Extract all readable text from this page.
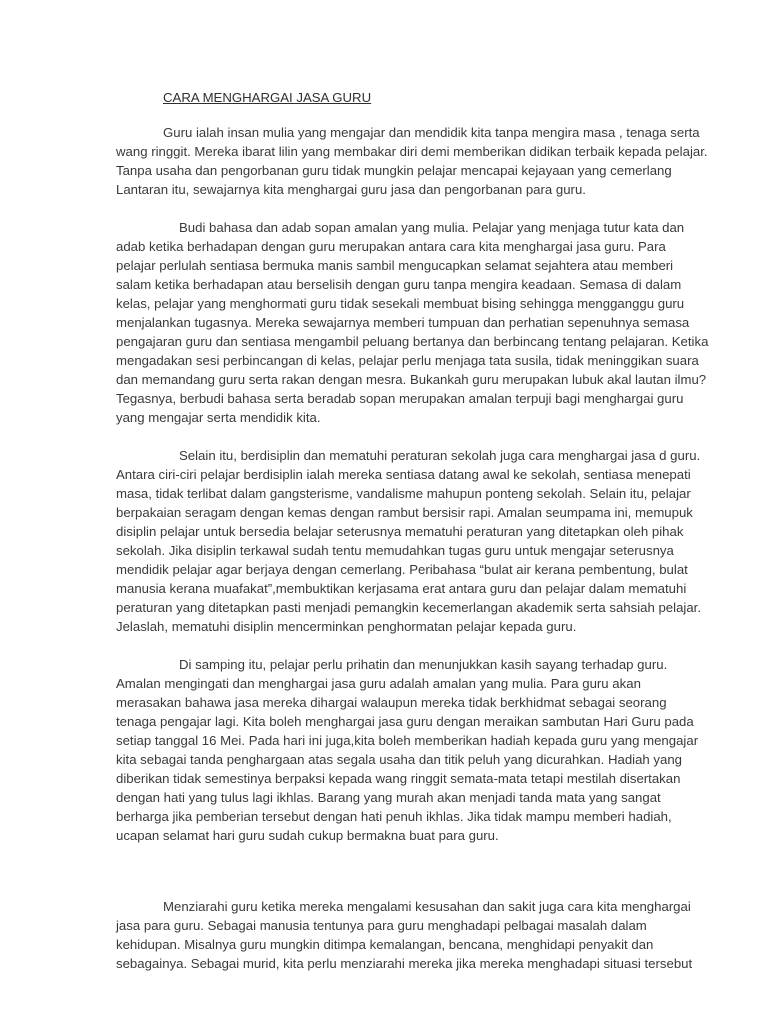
CARA MENGHARGAI JASA GURU
Guru ialah insan mulia yang mengajar dan mendidik kita tanpa mengira masa , tenaga serta
wang ringgit. Mereka ibarat lilin yang membakar diri demi memberikan didikan terbaik kepada pelajar.
Tanpa usaha dan pengorbanan guru tidak mungkin pelajar mencapai kejayaan yang cemerlang
Lantaran itu, sewajarnya kita menghargai guru jasa dan pengorbanan para guru.
Budi bahasa dan adab sopan amalan yang mulia. Pelajar yang menjaga tutur kata dan
adab ketika berhadapan dengan guru merupakan antara cara kita menghargai jasa guru. Para
pelajar perlulah sentiasa bermuka manis sambil mengucapkan selamat sejahtera atau memberi
salam ketika berhadapan atau berselisih dengan guru tanpa mengira keadaan. Semasa di dalam
kelas, pelajar yang menghormati guru tidak sesekali membuat bising sehingga mengganggu guru
menjalankan tugasnya. Mereka sewajarnya memberi tumpuan dan perhatian sepenuhnya semasa
pengajaran guru dan sentiasa mengambil peluang bertanya dan berbincang tentang pelajaran. Ketika
mengadakan sesi perbincangan di kelas, pelajar perlu menjaga tata susila, tidak meninggikan suara
dan memandang guru serta rakan dengan mesra. Bukankah guru merupakan lubuk akal lautan ilmu?
Tegasnya, berbudi bahasa serta beradab sopan merupakan amalan terpuji bagi menghargai guru
yang mengajar serta mendidik kita.
Selain itu, berdisiplin dan mematuhi peraturan sekolah juga cara menghargai jasa d guru.
Antara ciri-ciri pelajar berdisiplin ialah mereka sentiasa datang awal ke sekolah, sentiasa menepati
masa, tidak terlibat dalam gangsterisme, vandalisme mahupun ponteng sekolah. Selain itu, pelajar
berpakaian seragam dengan kemas dengan rambut bersisir rapi. Amalan seumpama ini, memupuk
disiplin pelajar untuk bersedia belajar seterusnya mematuhi peraturan yang ditetapkan oleh pihak
sekolah. Jika disiplin terkawal sudah tentu memudahkan tugas guru untuk mengajar seterusnya
mendidik pelajar agar berjaya dengan cemerlang. Peribahasa “bulat air kerana pembentung, bulat
manusia kerana muafakat”,membuktikan kerjasama erat antara guru dan pelajar dalam mematuhi
peraturan yang ditetapkan pasti menjadi pemangkin kecemerlangan akademik serta sahsiah pelajar.
Jelaslah, mematuhi disiplin mencerminkan penghormatan pelajar kepada guru.
Di samping itu, pelajar perlu prihatin dan menunjukkan kasih sayang terhadap guru.
Amalan mengingati dan menghargai jasa guru adalah amalan yang mulia. Para guru akan
merasakan bahawa jasa mereka dihargai walaupun mereka tidak berkhidmat sebagai seorang
tenaga pengajar lagi. Kita boleh menghargai jasa guru dengan meraikan sambutan Hari Guru pada
setiap tanggal 16 Mei. Pada hari ini juga,kita boleh memberikan hadiah kepada guru yang mengajar
kita sebagai tanda penghargaan atas segala usaha dan titik peluh yang dicurahkan. Hadiah yang
diberikan tidak semestinya berpaksi kepada wang ringgit semata-mata tetapi mestilah disertakan
dengan hati yang tulus lagi ikhlas. Barang yang murah akan menjadi tanda mata yang sangat
berharga jika pemberian tersebut dengan hati penuh ikhlas. Jika tidak mampu memberi hadiah,
ucapan selamat hari guru sudah cukup bermakna buat para guru.
Menziarahi guru ketika mereka mengalami kesusahan dan sakit juga cara kita menghargai
jasa para guru. Sebagai manusia tentunya para guru menghadapi pelbagai masalah dalam
kehidupan. Misalnya guru mungkin ditimpa kemalangan, bencana, menghidapi penyakit dan
sebagainya. Sebagai murid, kita perlu menziarahi mereka jika mereka menghadapi situasi tersebut
